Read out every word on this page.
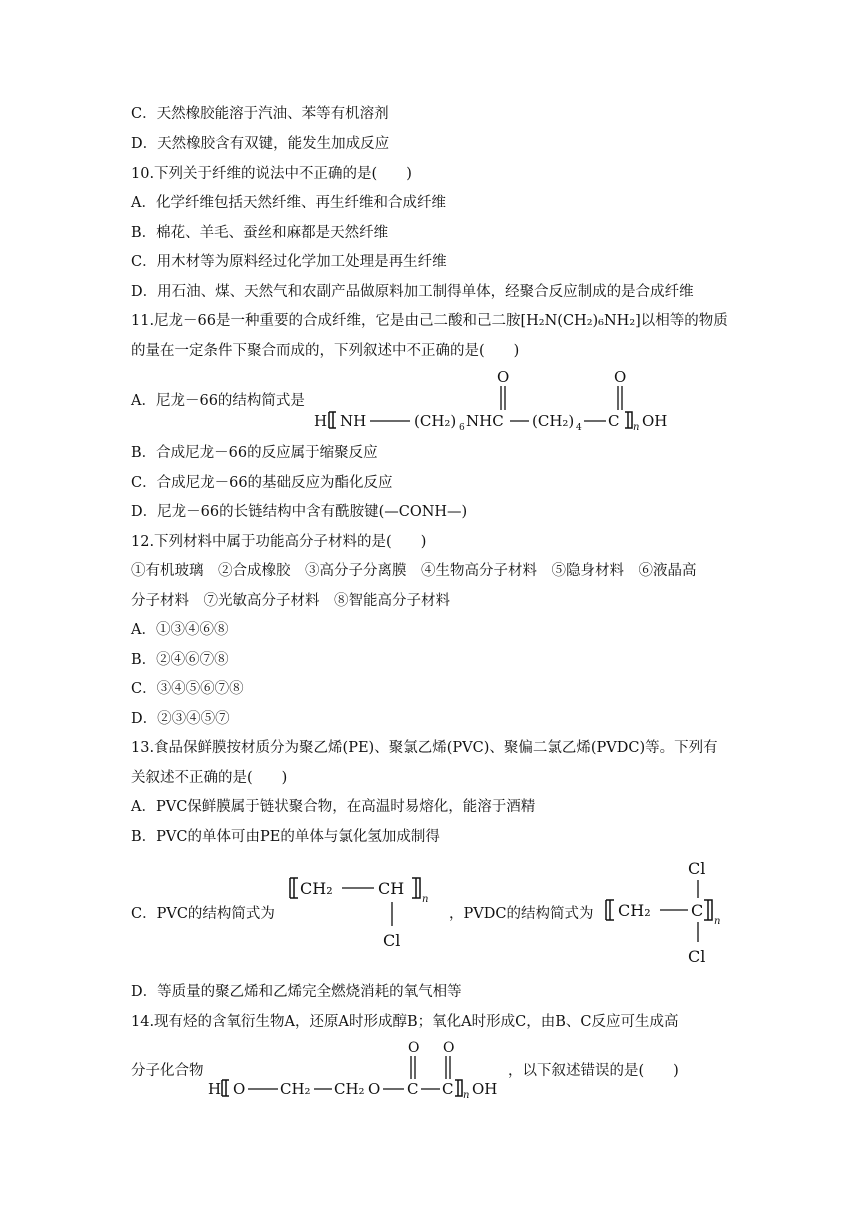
C．天然橡胶能溶于汽油、苯等有机溶剂
D．天然橡胶含有双键，能发生加成反应
10.下列关于纤维的说法中不正确的是(　　)
A．化学纤维包括天然纤维、再生纤维和合成纤维
B．棉花、羊毛、蚕丝和麻都是天然纤维
C．用木材等为原料经过化学加工处理是再生纤维
D．用石油、煤、天然气和农副产品做原料加工制得单体，经聚合反应制成的是合成纤维
11.尼龙－66是一种重要的合成纤维，它是由己二酸和己二胺[H₂N(CH₂)₆NH₂]以相等的物质
的量在一定条件下聚合而成的，下列叙述中不正确的是(　　)
A．尼龙－66的结构简式是
H NH	(CH₂) 6 NHC
O
(CH₂) 4 C
O
n OH
B．合成尼龙－66的反应属于缩聚反应
C．合成尼龙－66的基础反应为酯化反应
D．尼龙－66的长链结构中含有酰胺键(—CONH—)
12.下列材料中属于功能高分子材料的是(　　)
①有机玻璃　②合成橡胶　③高分子分离膜　④生物高分子材料　⑤隐身材料　⑥液晶高
分子材料　⑦光敏高分子材料　⑧智能高分子材料
A．①③④⑥⑧
B．②④⑥⑦⑧
C．③④⑤⑥⑦⑧
D．②③④⑤⑦
13.食品保鲜膜按材质分为聚乙烯(PE)、聚氯乙烯(PVC)、聚偏二氯乙烯(PVDC)等。下列有
关叙述不正确的是(　　)
A．PVC保鲜膜属于链状聚合物，在高温时易熔化，能溶于酒精
B．PVC的单体可由PE的单体与氯化氢加成制得
C．PVC的结构简式为
CH₂	CH
n
Cl
，PVDC的结构简式为
Cl
CH₂	C
n
Cl
D．等质量的聚乙烯和乙烯完全燃烧消耗的氧气相等
14.现有烃的含氧衍生物A，还原A时形成醇B；氧化A时形成C，由B、C反应可生成高
分子化合物
H O CH₂ CH₂ O C
O
C
O
n OH
，以下叙述错误的是(　　)
